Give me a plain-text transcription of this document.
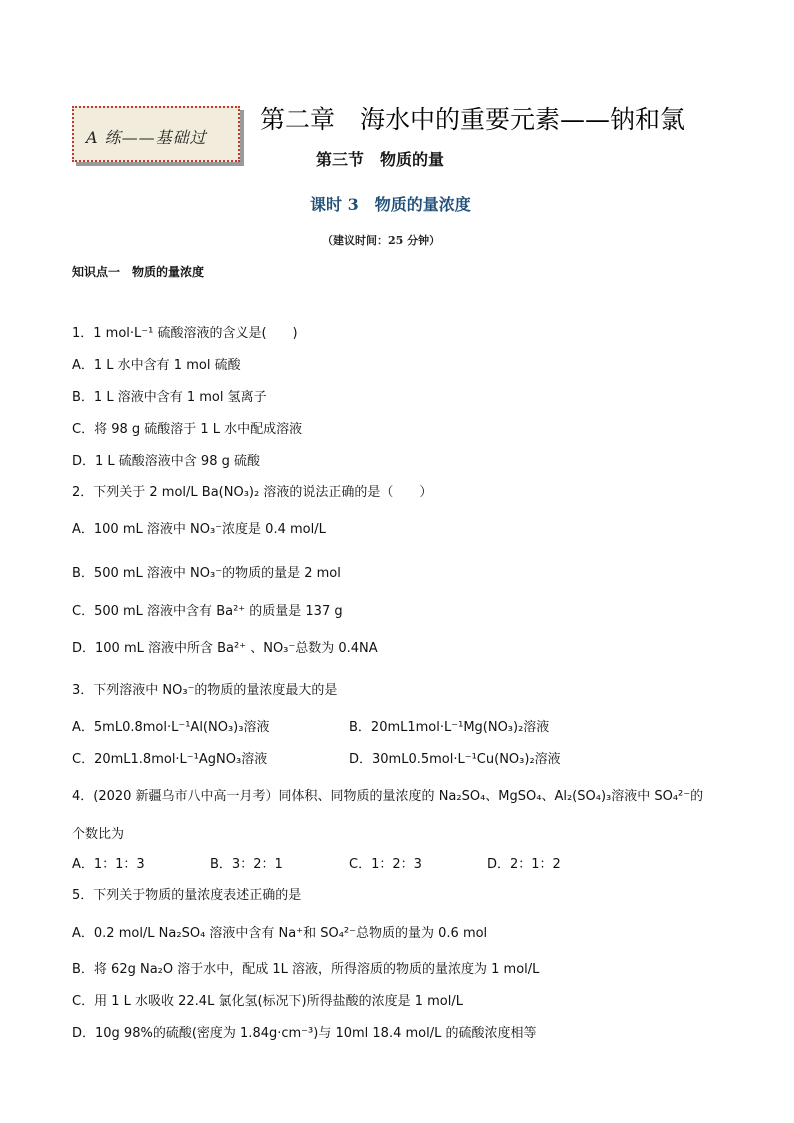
A 练——基础过
第二章　海水中的重要元素——钠和氯
第三节　物质的量
课时 3　物质的量浓度
（建议时间：25 分钟）
知识点一　物质的量浓度
1．1 mol·L⁻¹ 硫酸溶液的含义是(　　)
A．1 L 水中含有 1 mol 硫酸
B．1 L 溶液中含有 1 mol 氢离子
C．将 98 g 硫酸溶于 1 L 水中配成溶液
D．1 L 硫酸溶液中含 98 g 硫酸
2．下列关于 2 mol/L Ba(NO₃)₂ 溶液的说法正确的是（　　）
A．100 mL 溶液中 NO₃⁻浓度是 0.4 mol/L
B．500 mL 溶液中 NO₃⁻的物质的量是 2 mol
C．500 mL 溶液中含有 Ba²⁺ 的质量是 137 g
D．100 mL 溶液中所含 Ba²⁺ 、NO₃⁻总数为 0.4NA
3．下列溶液中 NO₃⁻的物质的量浓度最大的是
A．5mL0.8mol·L⁻¹Al(NO₃)₃溶液	B．20mL1mol·L⁻¹Mg(NO₃)₂溶液
C．20mL1.8mol·L⁻¹AgNO₃溶液	D．30mL0.5mol·L⁻¹Cu(NO₃)₂溶液
4．(2020 新疆乌市八中高一月考）同体积、同物质的量浓度的 Na₂SO₄、MgSO₄、Al₂(SO₄)₃溶液中 SO₄²⁻的
个数比为
A．1：1：3	B．3：2：1	C．1：2：3	D．2：1：2
5．下列关于物质的量浓度表述正确的是
A．0.2 mol/L Na₂SO₄ 溶液中含有 Na⁺和 SO₄²⁻总物质的量为 0.6 mol
B．将 62g Na₂O 溶于水中，配成 1L 溶液，所得溶质的物质的量浓度为 1 mol/L
C．用 1 L 水吸收 22.4L 氯化氢(标况下)所得盐酸的浓度是 1 mol/L
D．10g 98%的硫酸(密度为 1.84g·cm⁻³)与 10ml 18.4 mol/L 的硫酸浓度相等
